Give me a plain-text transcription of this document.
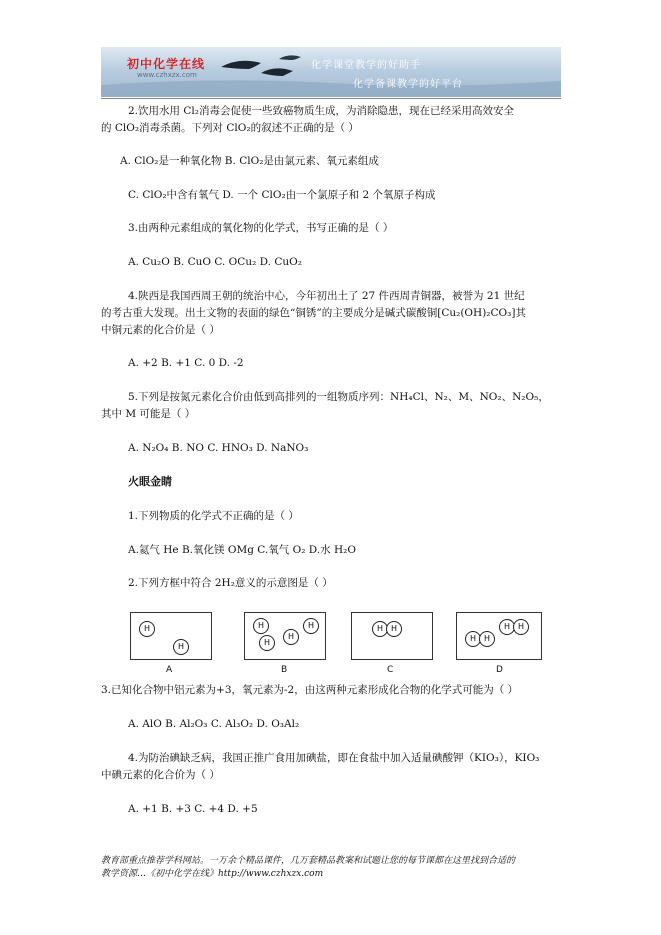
初中化学在线
www.czhxzx.com
化学课堂教学的好助手
化学备课教学的好平台
2.饮用水用 Cl₂消毒会促使一些致癌物质生成，为消除隐患，现在已经采用高效安全
的 ClO₂消毒杀菌。下列对 ClO₂的叙述不正确的是（ ）
A. ClO₂是一种氧化物 B. ClO₂是由氯元素、氧元素组成
C. ClO₂中含有氧气 D. 一个 ClO₂由一个氯原子和 2 个氧原子构成
3.由两种元素组成的氧化物的化学式，书写正确的是（ ）
A. Cu₂O B. CuO C. OCu₂ D. CuO₂
4.陕西是我国西周王朝的统治中心，今年初出土了 27 件西周青铜器，被誉为 21 世纪
的考古重大发现。出土文物的表面的绿色“铜锈”的主要成分是碱式碳酸铜[Cu₂(OH)₂CO₃]其
中铜元素的化合价是（ ）
A. +2 B. +1 C. 0 D. -2
5.下列是按氮元素化合价由低到高排列的一组物质序列：NH₄Cl、N₂、M、NO₂、N₂O₅，
其中 M 可能是（ ）
A. N₂O₄ B. NO C. HNO₃ D. NaNO₃
火眼金睛
1.下列物质的化学式不正确的是（ ）
A.氦气 He B.氧化镁 OMg C.氧气 O₂ D.水 H₂O
2.下列方框中符合 2H₂意义的示意图是（ ）
H
H
H
H
H
H	H H
H H
H H
A	B	C	D
3.已知化合物中铝元素为+3，氧元素为-2，由这两种元素形成化合物的化学式可能为（ ）
A. AlO B. Al₂O₃ C. Al₃O₂ D. O₃Al₂
4.为防治碘缺乏病，我国正推广食用加碘盐，即在食盐中加入适量碘酸钾（KIO₃），KIO₃
中碘元素的化合价为（ ）
A. +1 B. +3 C. +4 D. +5
教育部重点推荐学科网站。一万余个精品课件，几万套精品教案和试题让您的每节课都在这里找到合适的
教学资源…《初中化学在线》http://www.czhxzx.com
